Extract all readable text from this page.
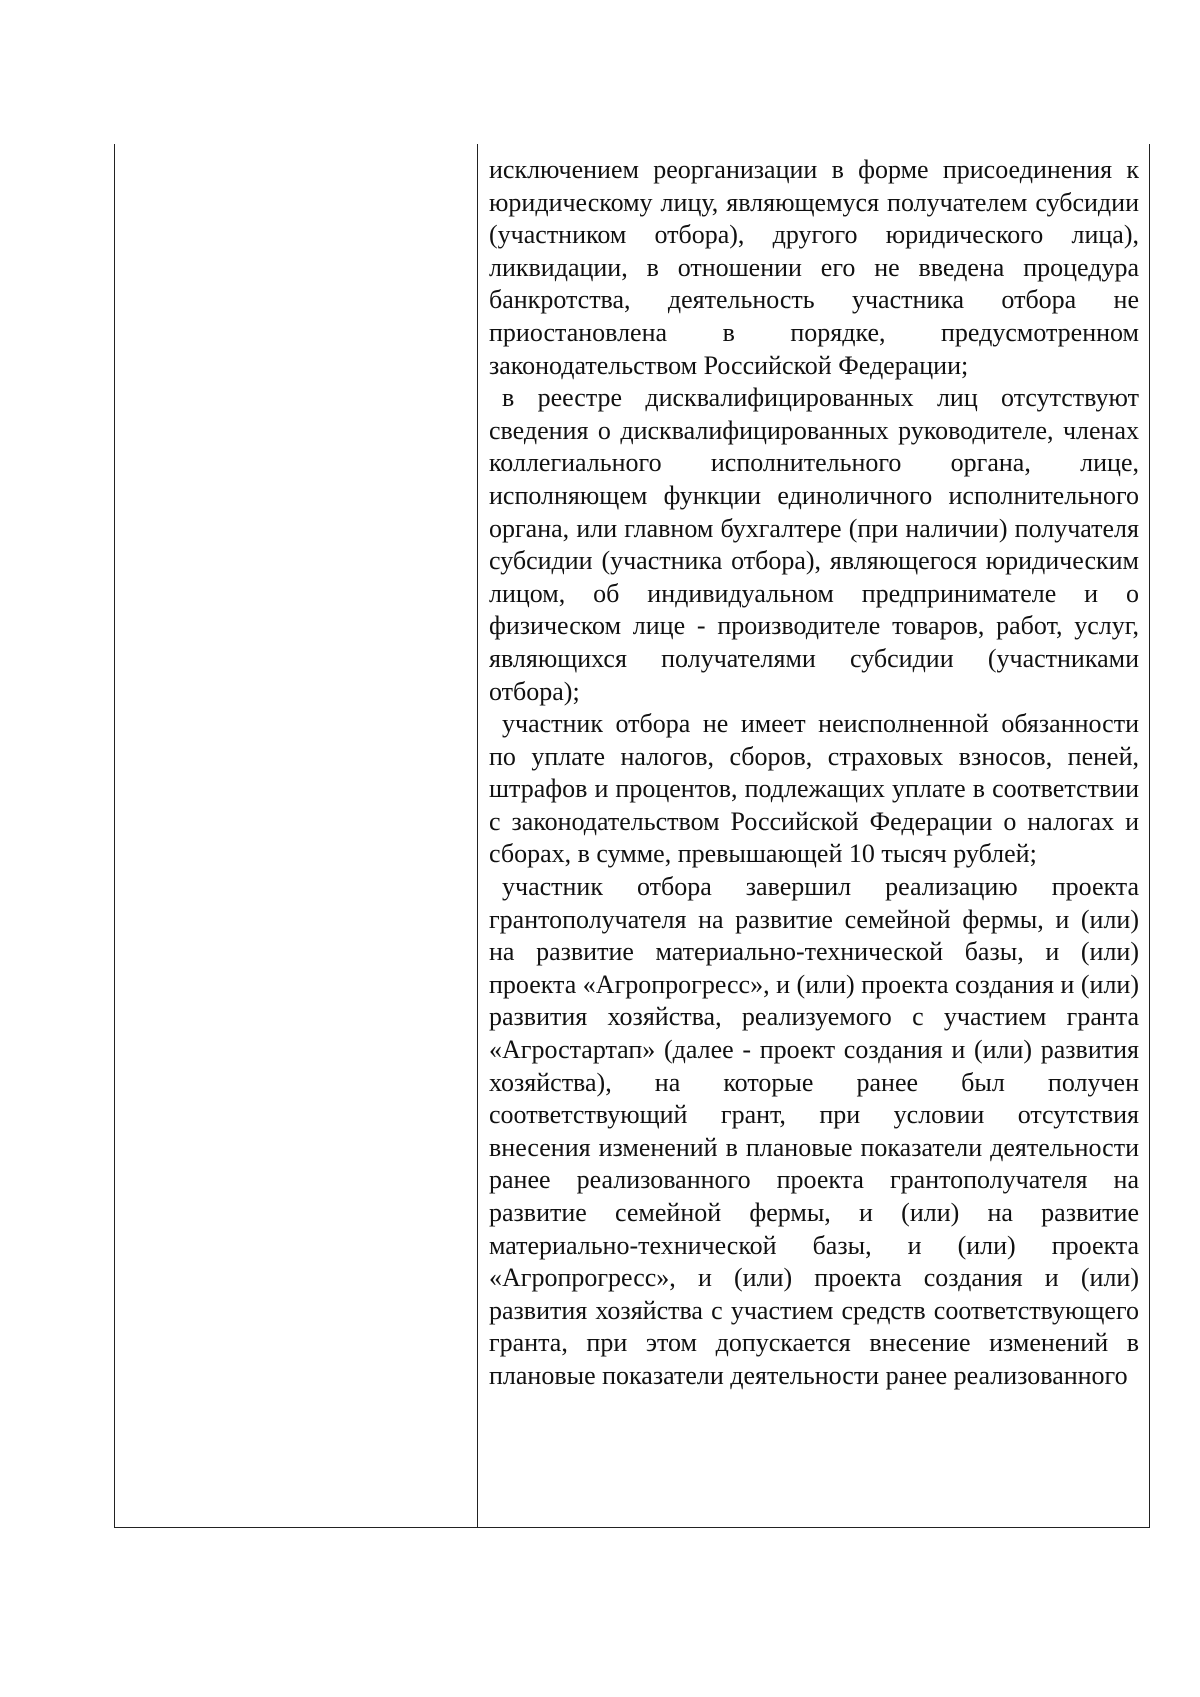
исключением реорганизации в форме присоединения к юридическому лицу, являющемуся получателем субсидии (участником отбора), другого юридического лица), ликвидации, в отношении его не введена процедура банкротства, деятельность участника отбора не приостановлена в порядке, предусмотренном законодательством Российской Федерации;

в реестре дисквалифицированных лиц отсутствуют сведения о дисквалифицированных руководителе, членах коллегиального исполнительного органа, лице, исполняющем функции единоличного исполнительного органа, или главном бухгалтере (при наличии) получателя субсидии (участника отбора), являющегося юридическим лицом, об индивидуальном предпринимателе и о физическом лице - производителе товаров, работ, услуг, являющихся получателями субсидии (участниками отбора);

участник отбора не имеет неисполненной обязанности по уплате налогов, сборов, страховых взносов, пеней, штрафов и процентов, подлежащих уплате в соответствии с законодательством Российской Федерации о налогах и сборах, в сумме, превышающей 10 тысяч рублей;

участник отбора завершил реализацию проекта грантополучателя на развитие семейной фермы, и (или) на развитие материально-технической базы, и (или) проекта «Агропрогресс», и (или) проекта создания и (или) развития хозяйства, реализуемого с участием гранта «Агростартап» (далее - проект создания и (или) развития хозяйства), на которые ранее был получен соответствующий грант, при условии отсутствия внесения изменений в плановые показатели деятельности ранее реализованного проекта грантополучателя на развитие семейной фермы, и (или) на развитие материально-технической базы, и (или) проекта «Агропрогресс», и (или) проекта создания и (или) развития хозяйства с участием средств соответствующего гранта, при этом допускается внесение изменений в плановые показатели деятельности ранее реализованного
